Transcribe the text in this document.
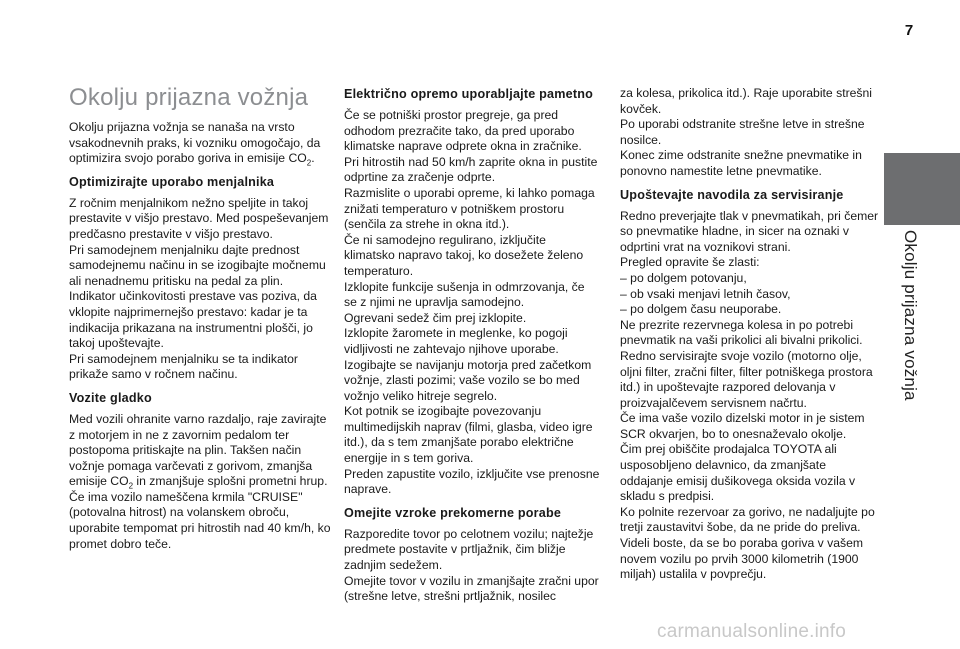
7
Okolju prijazna vožnja
Okolju prijazna vožnja

Okolju prijazna vožnja se nanaša na vrsto vsakodnevnih praks, ki vozniku omogočajo, da optimizira svojo porabo goriva in emisije $CO_2$.

Optimizirajte uporabo menjalnika

Z ročnim menjalnikom nežno speljite in takoj prestavite v višjo prestavo. Med pospeševanjem predčasno prestavite v višjo prestavo.
Pri samodejnem menjalniku dajte prednost samodejnemu načinu in se izogibajte močnemu ali nenadnemu pritisku na pedal za plin.
Indikator učinkovitosti prestave vas poziva, da vklopite najprimernejšo prestavo: kadar je ta indikacija prikazana na instrumentni plošči, jo takoj upoštevajte.
Pri samodejnem menjalniku se ta indikator prikaže samo v ročnem načinu.

Vozite gladko

Med vozili ohranite varno razdaljo, raje zavirajte z motorjem in ne z zavornim pedalom ter postopoma pritiskajte na plin. Takšen način vožnje pomaga varčevati z gorivom, zmanjša emisije $CO_2$ in zmanjšuje splošni prometni hrup.
Če ima vozilo nameščena krmila "CRUISE"(potovalna hitrost) na volanskem obroču, uporabite tempomat pri hitrostih nad 40 km/h, ko promet dobro teče.

Električno opremo uporabljajte pametno

Če se potniški prostor pregreje, ga pred odhodom prezračite tako, da pred uporabo klimatske naprave odprete okna in zračnike.
Pri hitrostih nad 50 km/h zaprite okna in pustite odprtine za zračenje odprte.
Razmislite o uporabi opreme, ki lahko pomaga znižati temperaturo v potniškem prostoru (senčila za strehe in okna itd.).
Če ni samodejno regulirano, izključite klimatsko napravo takoj, ko dosežete želeno temperaturo.
Izklopite funkcije sušenja in odmrzovanja, če se z njimi ne upravlja samodejno.
Ogrevani sedež čim prej izklopite.
Izklopite žaromete in meglenke, ko pogoji vidljivosti ne zahtevajo njihove uporabe.
Izogibajte se navijanju motorja pred začetkom vožnje, zlasti pozimi; vaše vozilo se bo med vožnjo veliko hitreje segrelo.
Kot potnik se izogibajte povezovanju multimedijskih naprav (filmi, glasba, video igre itd.), da s tem zmanjšate porabo električne energije in s tem goriva.
Preden zapustite vozilo, izključite vse prenosne naprave.

Omejite vzroke prekomerne porabe

Razporedite tovor po celotnem vozilu; najtežje predmete postavite v prtljažnik, čim bližje zadnjim sedežem.
Omejite tovor v vozilu in zmanjšajte zračni upor (strešne letve, strešni prtljažnik, nosilec

za kolesa, prikolica itd.). Raje uporabite strešni kovček.
Po uporabi odstranite strešne letve in strešne nosilce.
Konec zime odstranite snežne pnevmatike in ponovno namestite letne pnevmatike.

Upoštevajte navodila za servisiranje

Redno preverjajte tlak v pnevmatikah, pri čemer so pnevmatike hladne, in sicer na oznaki v odprtini vrat na voznikovi strani.
Pregled opravite še zlasti:
– po dolgem potovanju,
– ob vsaki menjavi letnih časov,
– po dolgem času neuporabe.
Ne prezrite rezervnega kolesa in po potrebi pnevmatik na vaši prikolici ali bivalni prikolici.
Redno servisirajte svoje vozilo (motorno olje, oljni filter, zračni filter, filter potniškega prostora itd.) in upoštevajte razpored delovanja v proizvajalčevem servisnem načrtu.
Če ima vaše vozilo dizelski motor in je sistem SCR okvarjen, bo to onesnaževalo okolje.
Čim prej obiščite prodajalca TOYOTA ali usposobljeno delavnico, da zmanjšate oddajanje emisij dušikovega oksida vozila v skladu s predpisi.
Ko polnite rezervoar za gorivo, ne nadaljujte po tretji zaustavitvi šobe, da ne pride do preliva.
Videli boste, da se bo poraba goriva v vašem novem vozilu po prvih 3000 kilometrih (1900 miljah) ustalila v povprečju.

carmanualsonline.info
